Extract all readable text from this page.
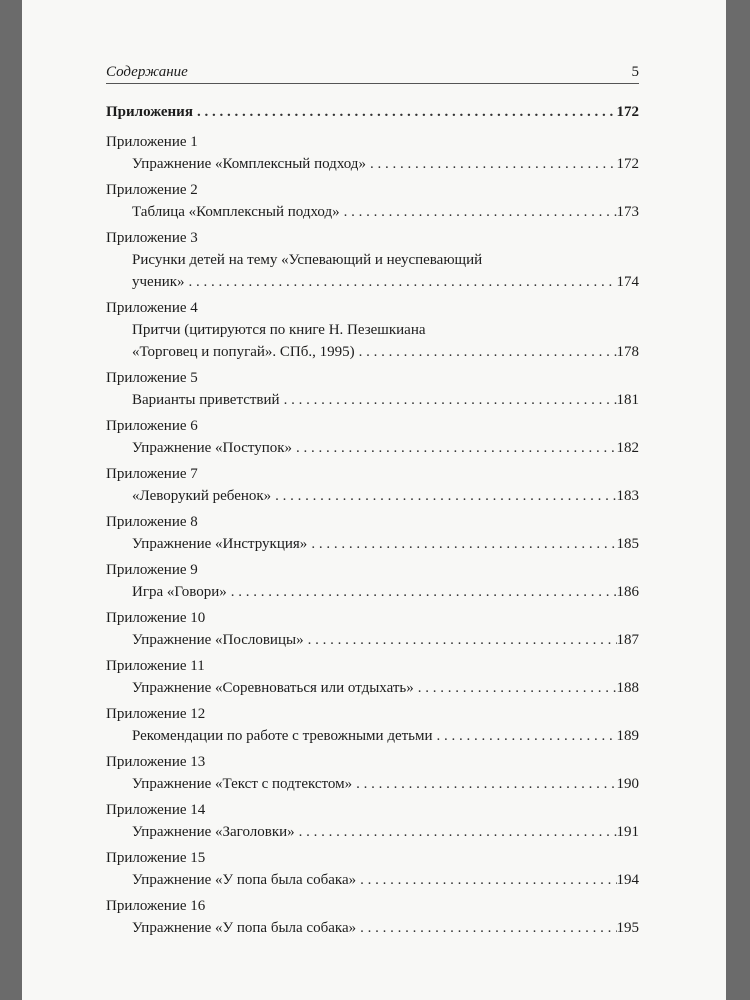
Содержание	5
Приложения . . .	172
Приложение 1
Упражнение «Комплексный подход» . . .	172
Приложение 2
Таблица «Комплексный подход» . . .	173
Приложение 3
Рисунки детей на тему «Успевающий и неуспевающий
ученик» . . .	174
Приложение 4
Притчи (цитируются по книге Н. Пезешкиана
«Торговец и попугай». СПб., 1995) . . .	178
Приложение 5
Варианты приветствий . . .	181
Приложение 6
Упражнение «Поступок» . . .	182
Приложение 7
«Леворукий ребенок» . . .	183
Приложение 8
Упражнение «Инструкция» . . .	185
Приложение 9
Игра «Говори» . . .	186
Приложение 10
Упражнение «Пословицы» . . .	187
Приложение 11
Упражнение «Соревноваться или отдыхать» . . .	188
Приложение 12
Рекомендации по работе с тревожными детьми . . .	189
Приложение 13
Упражнение «Текст с подтекстом» . . .	190
Приложение 14
Упражнение «Заголовки» . . .	191
Приложение 15
Упражнение «У попа была собака» . . .	194
Приложение 16
Упражнение «У попа была собака» . . .	195
